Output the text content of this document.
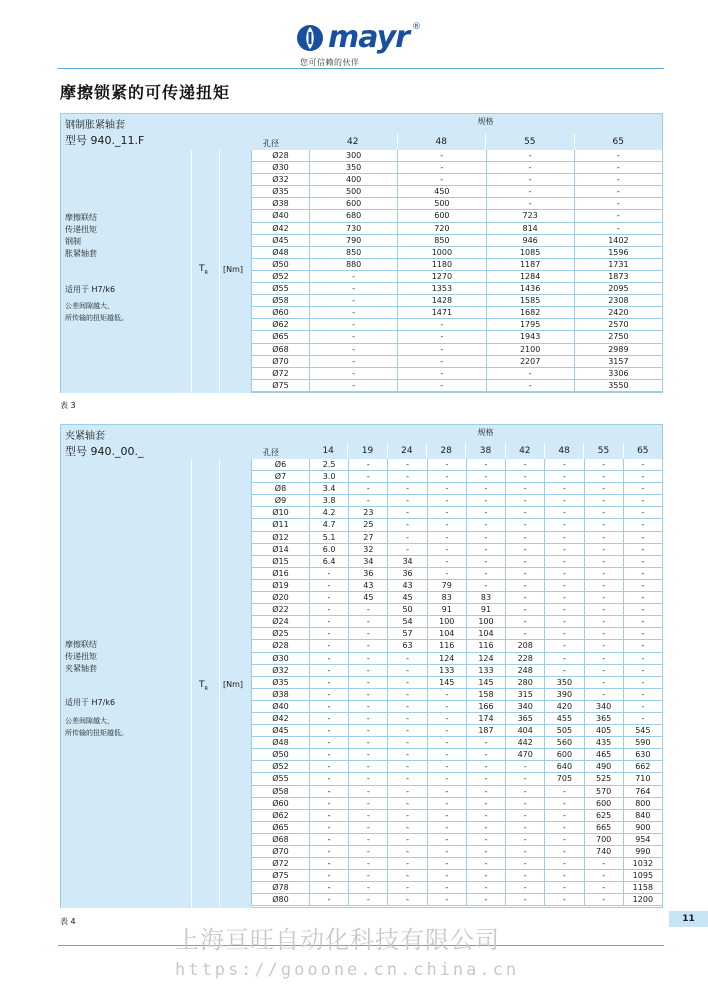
mayr ®
您可信赖的伙伴
摩擦锁紧的可传递扭矩
钢制胀紧轴套
型号 940._11.F	孔径
规格
42	48	55	65
摩擦联结
传递扭矩
钢制
胀紧轴套
$T_R$ [Nm]
适用于 H7/k6
公差间隙越大，
所传输的扭矩越低。
Ø28	300	-	-	-
Ø30	350	-	-	-
Ø32	400	-	-	-
Ø35	500	450	-	-
Ø38	600	500	-	-
Ø40	680	600	723	-
Ø42	730	720	814	-
Ø45	790	850	946	1402
Ø48	850	1000	1085	1596
Ø50	880	1180	1187	1731
Ø52	-	1270	1284	1873
Ø55	-	1353	1436	2095
Ø58	-	1428	1585	2308
Ø60	-	1471	1682	2420
Ø62	-	-	1795	2570
Ø65	-	-	1943	2750
Ø68	-	-	2100	2989
Ø70	-	-	2207	3157
Ø72	-	-	-	3306
Ø75	-	-	-	3550
表 3
夹紧轴套
型号 940._00._	孔径
规格
14	19	24	28	38	42	48	55	65
摩擦联结
传递扭矩
夹紧轴套
$T_R$ [Nm]
适用于 H7/k6
公差间隙越大，
所传输的扭矩越低。
Ø6	2.5	-	-	-	-	-	-	-	-
Ø7	3.0	-	-	-	-	-	-	-	-
Ø8	3.4	-	-	-	-	-	-	-	-
Ø9	3.8	-	-	-	-	-	-	-	-
Ø10	4.2	23	-	-	-	-	-	-	-
Ø11	4.7	25	-	-	-	-	-	-	-
Ø12	5.1	27	-	-	-	-	-	-	-
Ø14	6.0	32	-	-	-	-	-	-	-
Ø15	6.4	34	34	-	-	-	-	-	-
Ø16	-	36	36	-	-	-	-	-	-
Ø19	-	43	43	79	-	-	-	-	-
Ø20	-	45	45	83	83	-	-	-	-
Ø22	-	-	50	91	91	-	-	-	-
Ø24	-	-	54	100	100	-	-	-	-
Ø25	-	-	57	104	104	-	-	-	-
Ø28	-	-	63	116	116	208	-	-	-
Ø30	-	-	-	124	124	228	-	-	-
Ø32	-	-	-	133	133	248	-	-	-
Ø35	-	-	-	145	145	280	350	-	-
Ø38	-	-	-	-	158	315	390	-	-
Ø40	-	-	-	-	166	340	420	340	-
Ø42	-	-	-	-	174	365	455	365	-
Ø45	-	-	-	-	187	404	505	405	545
Ø48	-	-	-	-	-	442	560	435	590
Ø50	-	-	-	-	-	470	600	465	630
Ø52	-	-	-	-	-	-	640	490	662
Ø55	-	-	-	-	-	-	705	525	710
Ø58	-	-	-	-	-	-	-	570	764
Ø60	-	-	-	-	-	-	-	600	800
Ø62	-	-	-	-	-	-	-	625	840
Ø65	-	-	-	-	-	-	-	665	900
Ø68	-	-	-	-	-	-	-	700	954
Ø70	-	-	-	-	-	-	-	740	990
Ø72	-	-	-	-	-	-	-	-	1032
Ø75	-	-	-	-	-	-	-	-	1095
Ø78	-	-	-	-	-	-	-	-	1158
Ø80	-	-	-	-	-	-	-	-	1200
表 4	11
上海亘旺自动化科技有限公司
https://gooone.cn.china.cn
